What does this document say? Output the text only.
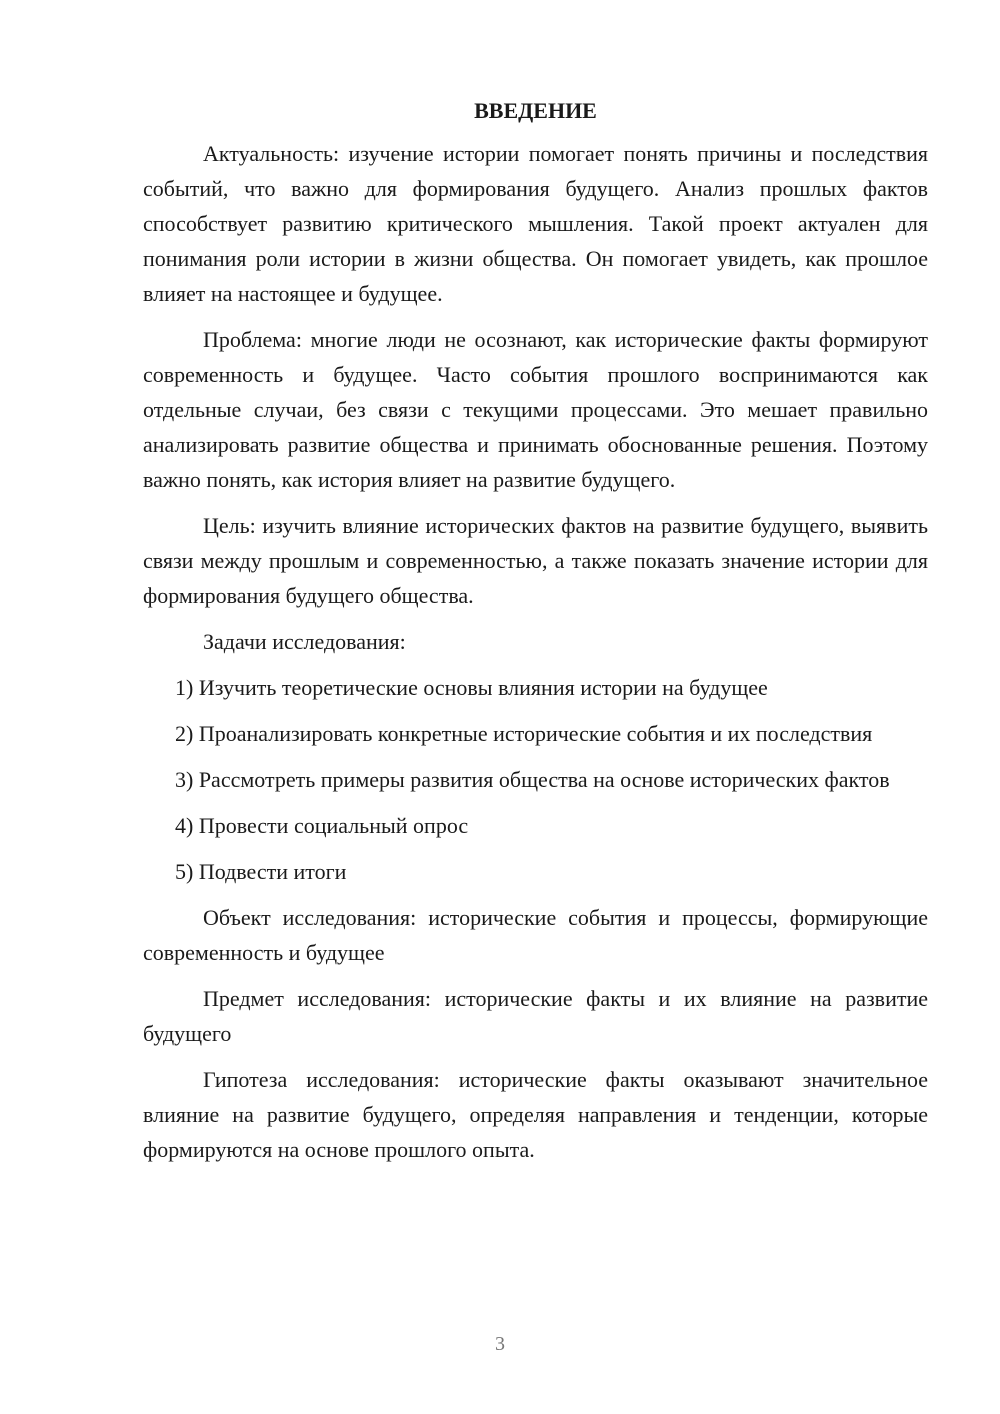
ВВЕДЕНИЕ

Актуальность: изучение истории помогает понять причины и последствия событий, что важно для формирования будущего. Анализ прошлых фактов способствует развитию критического мышления. Такой проект актуален для понимания роли истории в жизни общества. Он помогает увидеть, как прошлое влияет на настоящее и будущее.

Проблема: многие люди не осознают, как исторические факты формируют современность и будущее. Часто события прошлого воспринимаются как отдельные случаи, без связи с текущими процессами. Это мешает правильно анализировать развитие общества и принимать обоснованные решения. Поэтому важно понять, как история влияет на развитие будущего.

Цель: изучить влияние исторических фактов на развитие будущего, выявить связи между прошлым и современностью, а также показать значение истории для формирования будущего общества.

Задачи исследования:

1) Изучить теоретические основы влияния истории на будущее

2) Проанализировать конкретные исторические события и их последствия

3) Рассмотреть примеры развития общества на основе исторических фактов

4) Провести социальный опрос

5) Подвести итоги

Объект исследования: исторические события и процессы, формирующие современность и будущее

Предмет исследования: исторические факты и их влияние на развитие будущего

Гипотеза исследования: исторические факты оказывают значительное влияние на развитие будущего, определяя направления и тенденции, которые формируются на основе прошлого опыта.

3
